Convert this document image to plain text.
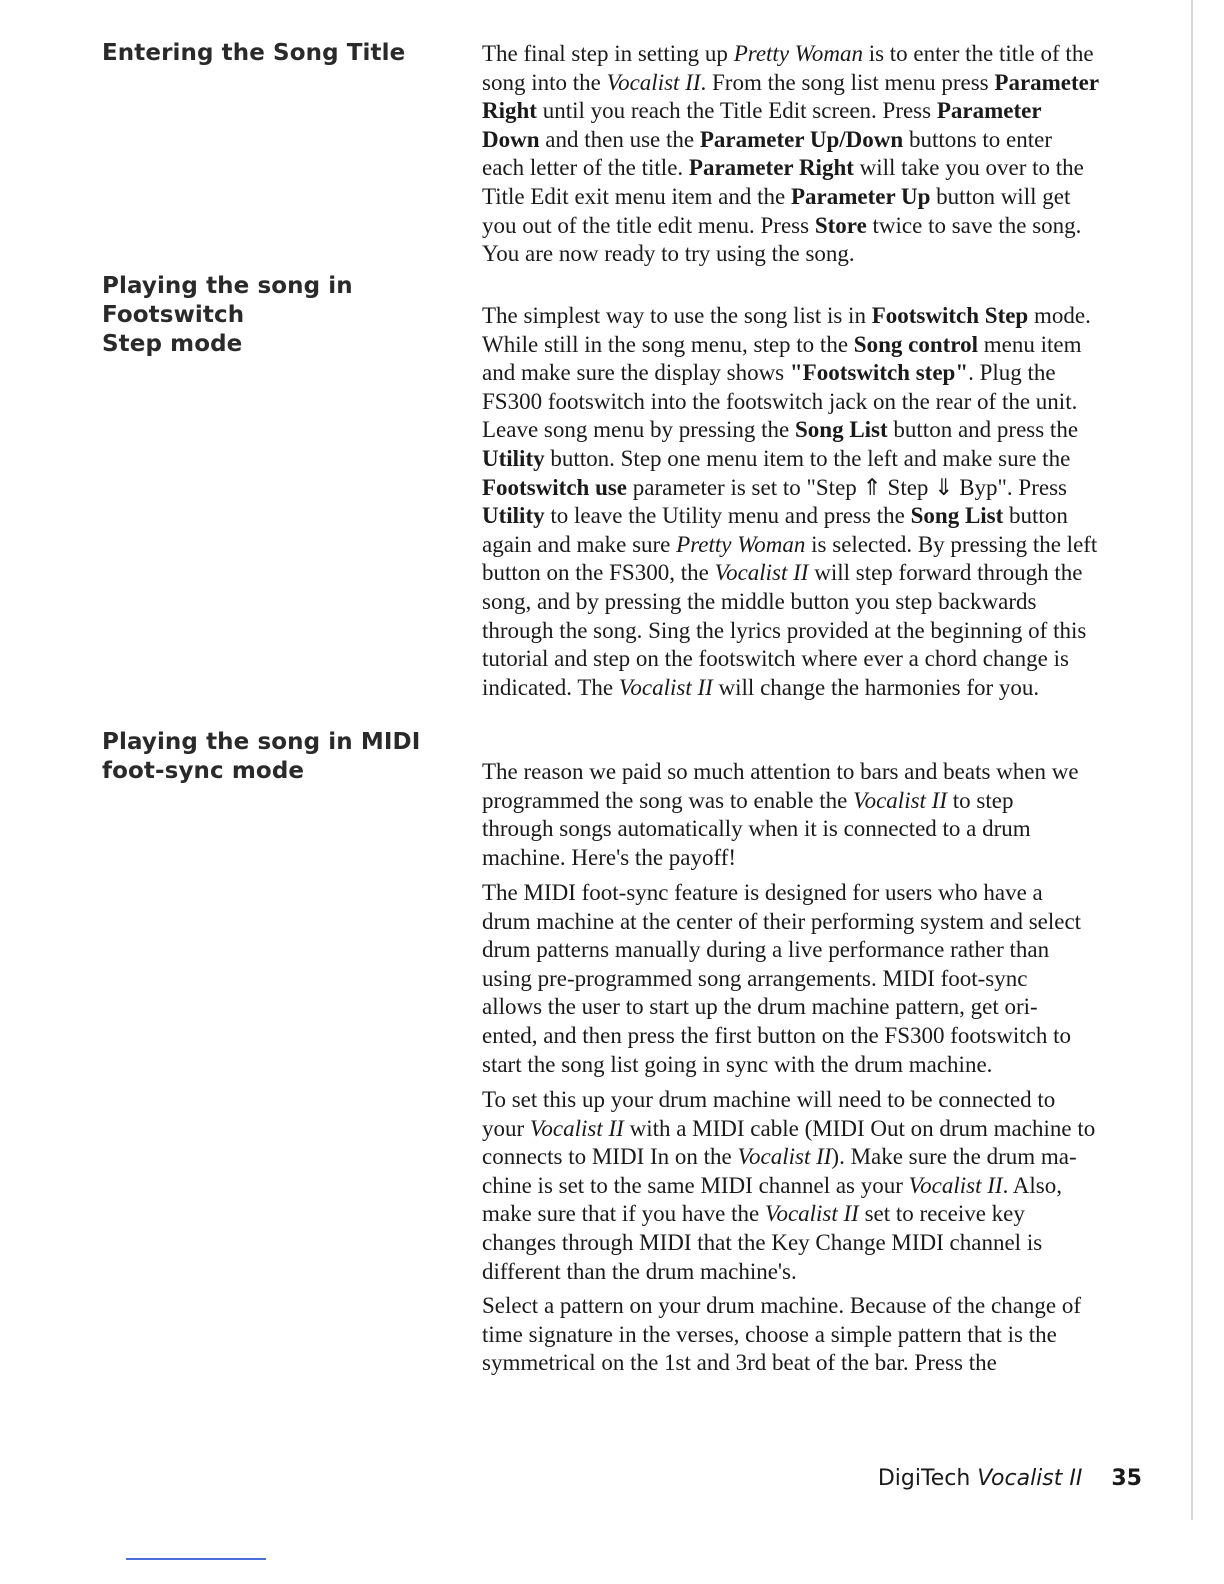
Entering the Song Title
Playing the song in Footswitch
Step mode
Playing the song in MIDI
foot-sync mode
The final step in setting up Pretty Woman is to enter the title of the
song into the Vocalist II. From the song list menu press Parameter
Right until you reach the Title Edit screen. Press Parameter
Down and then use the Parameter Up/Down buttons to enter
each letter of the title. Parameter Right will take you over to the
Title Edit exit menu item and the Parameter Up button will get
you out of the title edit menu. Press Store twice to save the song.
You are now ready to try using the song.
The simplest way to use the song list is in Footswitch Step mode.
While still in the song menu, step to the Song control menu item
and make sure the display shows "Footswitch step". Plug the
FS300 footswitch into the footswitch jack on the rear of the unit.
Leave song menu by pressing the Song List button and press the
Utility button. Step one menu item to the left and make sure the
Footswitch use parameter is set to "Step ⇑ Step ⇓ Byp". Press
Utility to leave the Utility menu and press the Song List button
again and make sure Pretty Woman is selected. By pressing the left
button on the FS300, the Vocalist II will step forward through the
song, and by pressing the middle button you step backwards
through the song. Sing the lyrics provided at the beginning of this
tutorial and step on the footswitch where ever a chord change is
indicated. The Vocalist II will change the harmonies for you.
The reason we paid so much attention to bars and beats when we
programmed the song was to enable the Vocalist II to step
through songs automatically when it is connected to a drum
machine. Here's the payoff!
The MIDI foot-sync feature is designed for users who have a
drum machine at the center of their performing system and select
drum patterns manually during a live performance rather than
using pre-programmed song arrangements. MIDI foot-sync
allows the user to start up the drum machine pattern, get ori-
ented, and then press the first button on the FS300 footswitch to
start the song list going in sync with the drum machine.
To set this up your drum machine will need to be connected to
your Vocalist II with a MIDI cable (MIDI Out on drum machine to
connects to MIDI In on the Vocalist II). Make sure the drum ma-
chine is set to the same MIDI channel as your Vocalist II. Also,
make sure that if you have the Vocalist II set to receive key
changes through MIDI that the Key Change MIDI channel is
different than the drum machine's.
Select a pattern on your drum machine. Because of the change of
time signature in the verses, choose a simple pattern that is the
symmetrical on the 1st and 3rd beat of the bar. Press the
DigiTech Vocalist II 35
